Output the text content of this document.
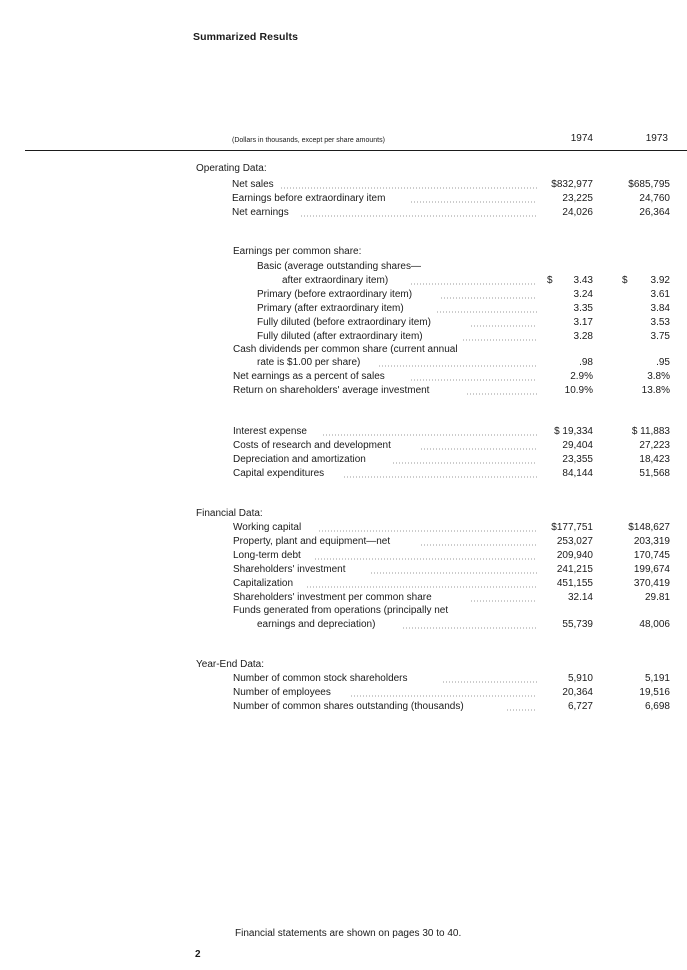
Summarized Results
(Dollars in thousands, except per share amounts)	1974	1973
Operating Data:
Net sales	$832,977	$685,795
Earnings before extraordinary item	23,225	24,760
Net earnings	24,026	26,364
Earnings per common share:
Basic (average outstanding shares—
after extraordinary item)	$	3.43	$	3.92
Primary (before extraordinary item)	3.24	3.61
Primary (after extraordinary item)	3.35	3.84
Fully diluted (before extraordinary item)	3.17	3.53
Fully diluted (after extraordinary item)	3.28	3.75
Cash dividends per common share (current annual
rate is $1.00 per share)	.98	.95
Net earnings as a percent of sales	2.9%	3.8%
Return on shareholders' average investment	10.9%	13.8%
Interest expense	$ 19,334	$ 11,883
Costs of research and development	29,404	27,223
Depreciation and amortization	23,355	18,423
Capital expenditures	84,144	51,568
Financial Data:
Working capital	$177,751	$148,627
Property, plant and equipment—net	253,027	203,319
Long-term debt	209,940	170,745
Shareholders' investment	241,215	199,674
Capitalization	451,155	370,419
Shareholders' investment per common share	32.14	29.81
Funds generated from operations (principally net
earnings and depreciation)	55,739	48,006
Year-End Data:
Number of common stock shareholders	5,910	5,191
Number of employees	20,364	19,516
Number of common shares outstanding (thousands)	6,727	6,698
Financial statements are shown on pages 30 to 40.
2
